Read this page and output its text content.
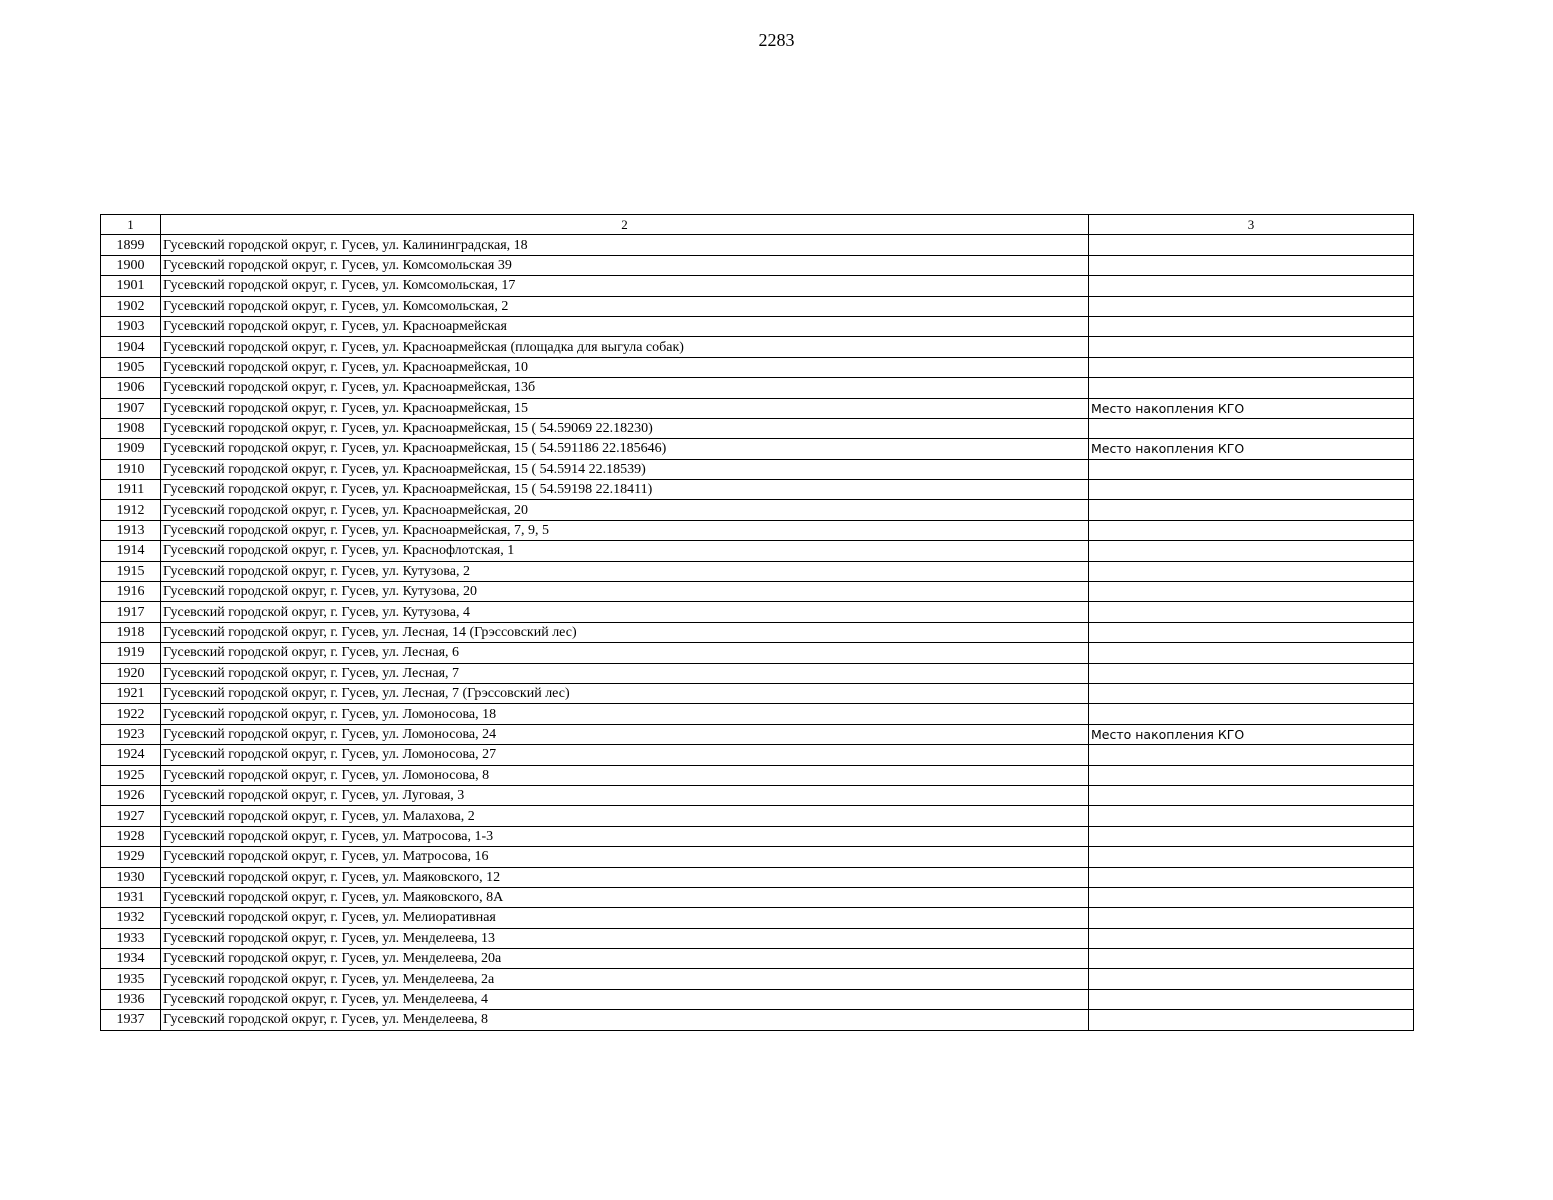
2283
1	2	3
1899	Гусевский городской округ, г. Гусев, ул. Калининградская, 18	
1900	Гусевский городской округ, г. Гусев, ул. Комсомольская 39	
1901	Гусевский городской округ, г. Гусев, ул. Комсомольская, 17	
1902	Гусевский городской округ, г. Гусев, ул. Комсомольская, 2	
1903	Гусевский городской округ, г. Гусев, ул. Красноармейская	
1904	Гусевский городской округ, г. Гусев, ул. Красноармейская (площадка для выгула собак)	
1905	Гусевский городской округ, г. Гусев, ул. Красноармейская, 10	
1906	Гусевский городской округ, г. Гусев, ул. Красноармейская, 13б	
1907	Гусевский городской округ, г. Гусев, ул. Красноармейская, 15	Место накопления КГО
1908	Гусевский городской округ, г. Гусев, ул. Красноармейская, 15 ( 54.59069 22.18230)	
1909	Гусевский городской округ, г. Гусев, ул. Красноармейская, 15 ( 54.591186 22.185646)	Место накопления КГО
1910	Гусевский городской округ, г. Гусев, ул. Красноармейская, 15 ( 54.5914 22.18539)	
1911	Гусевский городской округ, г. Гусев, ул. Красноармейская, 15 ( 54.59198 22.18411)	
1912	Гусевский городской округ, г. Гусев, ул. Красноармейская, 20	
1913	Гусевский городской округ, г. Гусев, ул. Красноармейская, 7, 9, 5	
1914	Гусевский городской округ, г. Гусев, ул. Краснофлотская, 1	
1915	Гусевский городской округ, г. Гусев, ул. Кутузова, 2	
1916	Гусевский городской округ, г. Гусев, ул. Кутузова, 20	
1917	Гусевский городской округ, г. Гусев, ул. Кутузова, 4	
1918	Гусевский городской округ, г. Гусев, ул. Лесная, 14 (Грэссовский лес)	
1919	Гусевский городской округ, г. Гусев, ул. Лесная, 6	
1920	Гусевский городской округ, г. Гусев, ул. Лесная, 7	
1921	Гусевский городской округ, г. Гусев, ул. Лесная, 7 (Грэссовский лес)	
1922	Гусевский городской округ, г. Гусев, ул. Ломоносова, 18	
1923	Гусевский городской округ, г. Гусев, ул. Ломоносова, 24	Место накопления КГО
1924	Гусевский городской округ, г. Гусев, ул. Ломоносова, 27	
1925	Гусевский городской округ, г. Гусев, ул. Ломоносова, 8	
1926	Гусевский городской округ, г. Гусев, ул. Луговая, 3	
1927	Гусевский городской округ, г. Гусев, ул. Малахова, 2	
1928	Гусевский городской округ, г. Гусев, ул. Матросова, 1-3	
1929	Гусевский городской округ, г. Гусев, ул. Матросова, 16	
1930	Гусевский городской округ, г. Гусев, ул. Маяковского, 12	
1931	Гусевский городской округ, г. Гусев, ул. Маяковского, 8А	
1932	Гусевский городской округ, г. Гусев, ул. Мелиоративная	
1933	Гусевский городской округ, г. Гусев, ул. Менделеева, 13	
1934	Гусевский городской округ, г. Гусев, ул. Менделеева, 20а	
1935	Гусевский городской округ, г. Гусев, ул. Менделеева, 2а	
1936	Гусевский городской округ, г. Гусев, ул. Менделеева, 4	
1937	Гусевский городской округ, г. Гусев, ул. Менделеева, 8	
